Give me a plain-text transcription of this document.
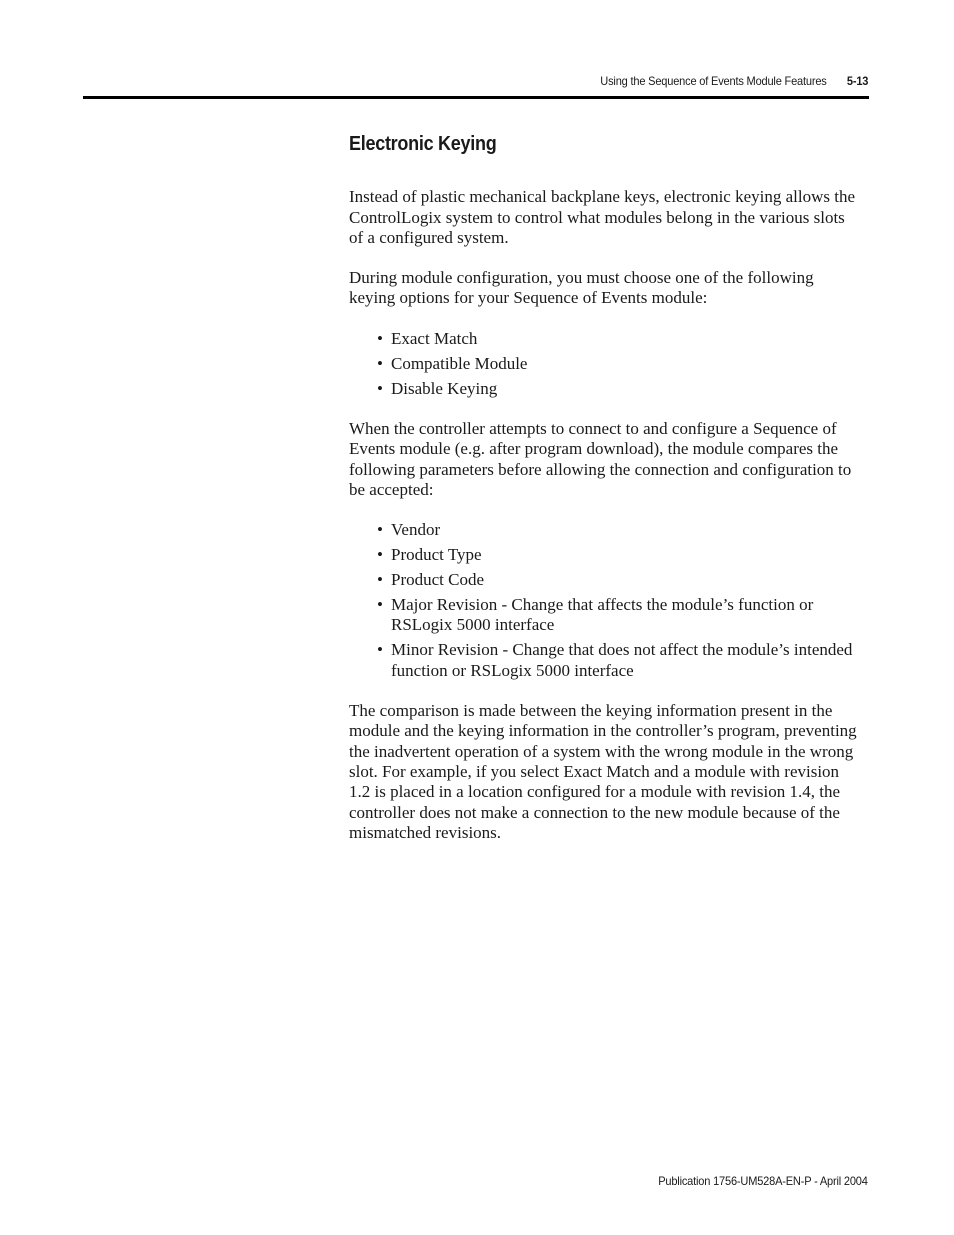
Using the Sequence of Events Module Features 5-13
Electronic Keying

Instead of plastic mechanical backplane keys, electronic keying allows the ControlLogix system to control what modules belong in the various slots of a configured system.

During module configuration, you must choose one of the following keying options for your Sequence of Events module:

• Exact Match
• Compatible Module
• Disable Keying

When the controller attempts to connect to and configure a Sequence of Events module (e.g. after program download), the module compares the following parameters before allowing the connection and configuration to be accepted:

• Vendor
• Product Type
• Product Code
• Major Revision - Change that affects the module’s function or RSLogix 5000 interface
• Minor Revision - Change that does not affect the module’s intended function or RSLogix 5000 interface

The comparison is made between the keying information present in the module and the keying information in the controller’s program, preventing the inadvertent operation of a system with the wrong module in the wrong slot. For example, if you select Exact Match and a module with revision 1.2 is placed in a location configured for a module with revision 1.4, the controller does not make a connection to the new module because of the mismatched revisions.

Publication 1756-UM528A-EN-P - April 2004
